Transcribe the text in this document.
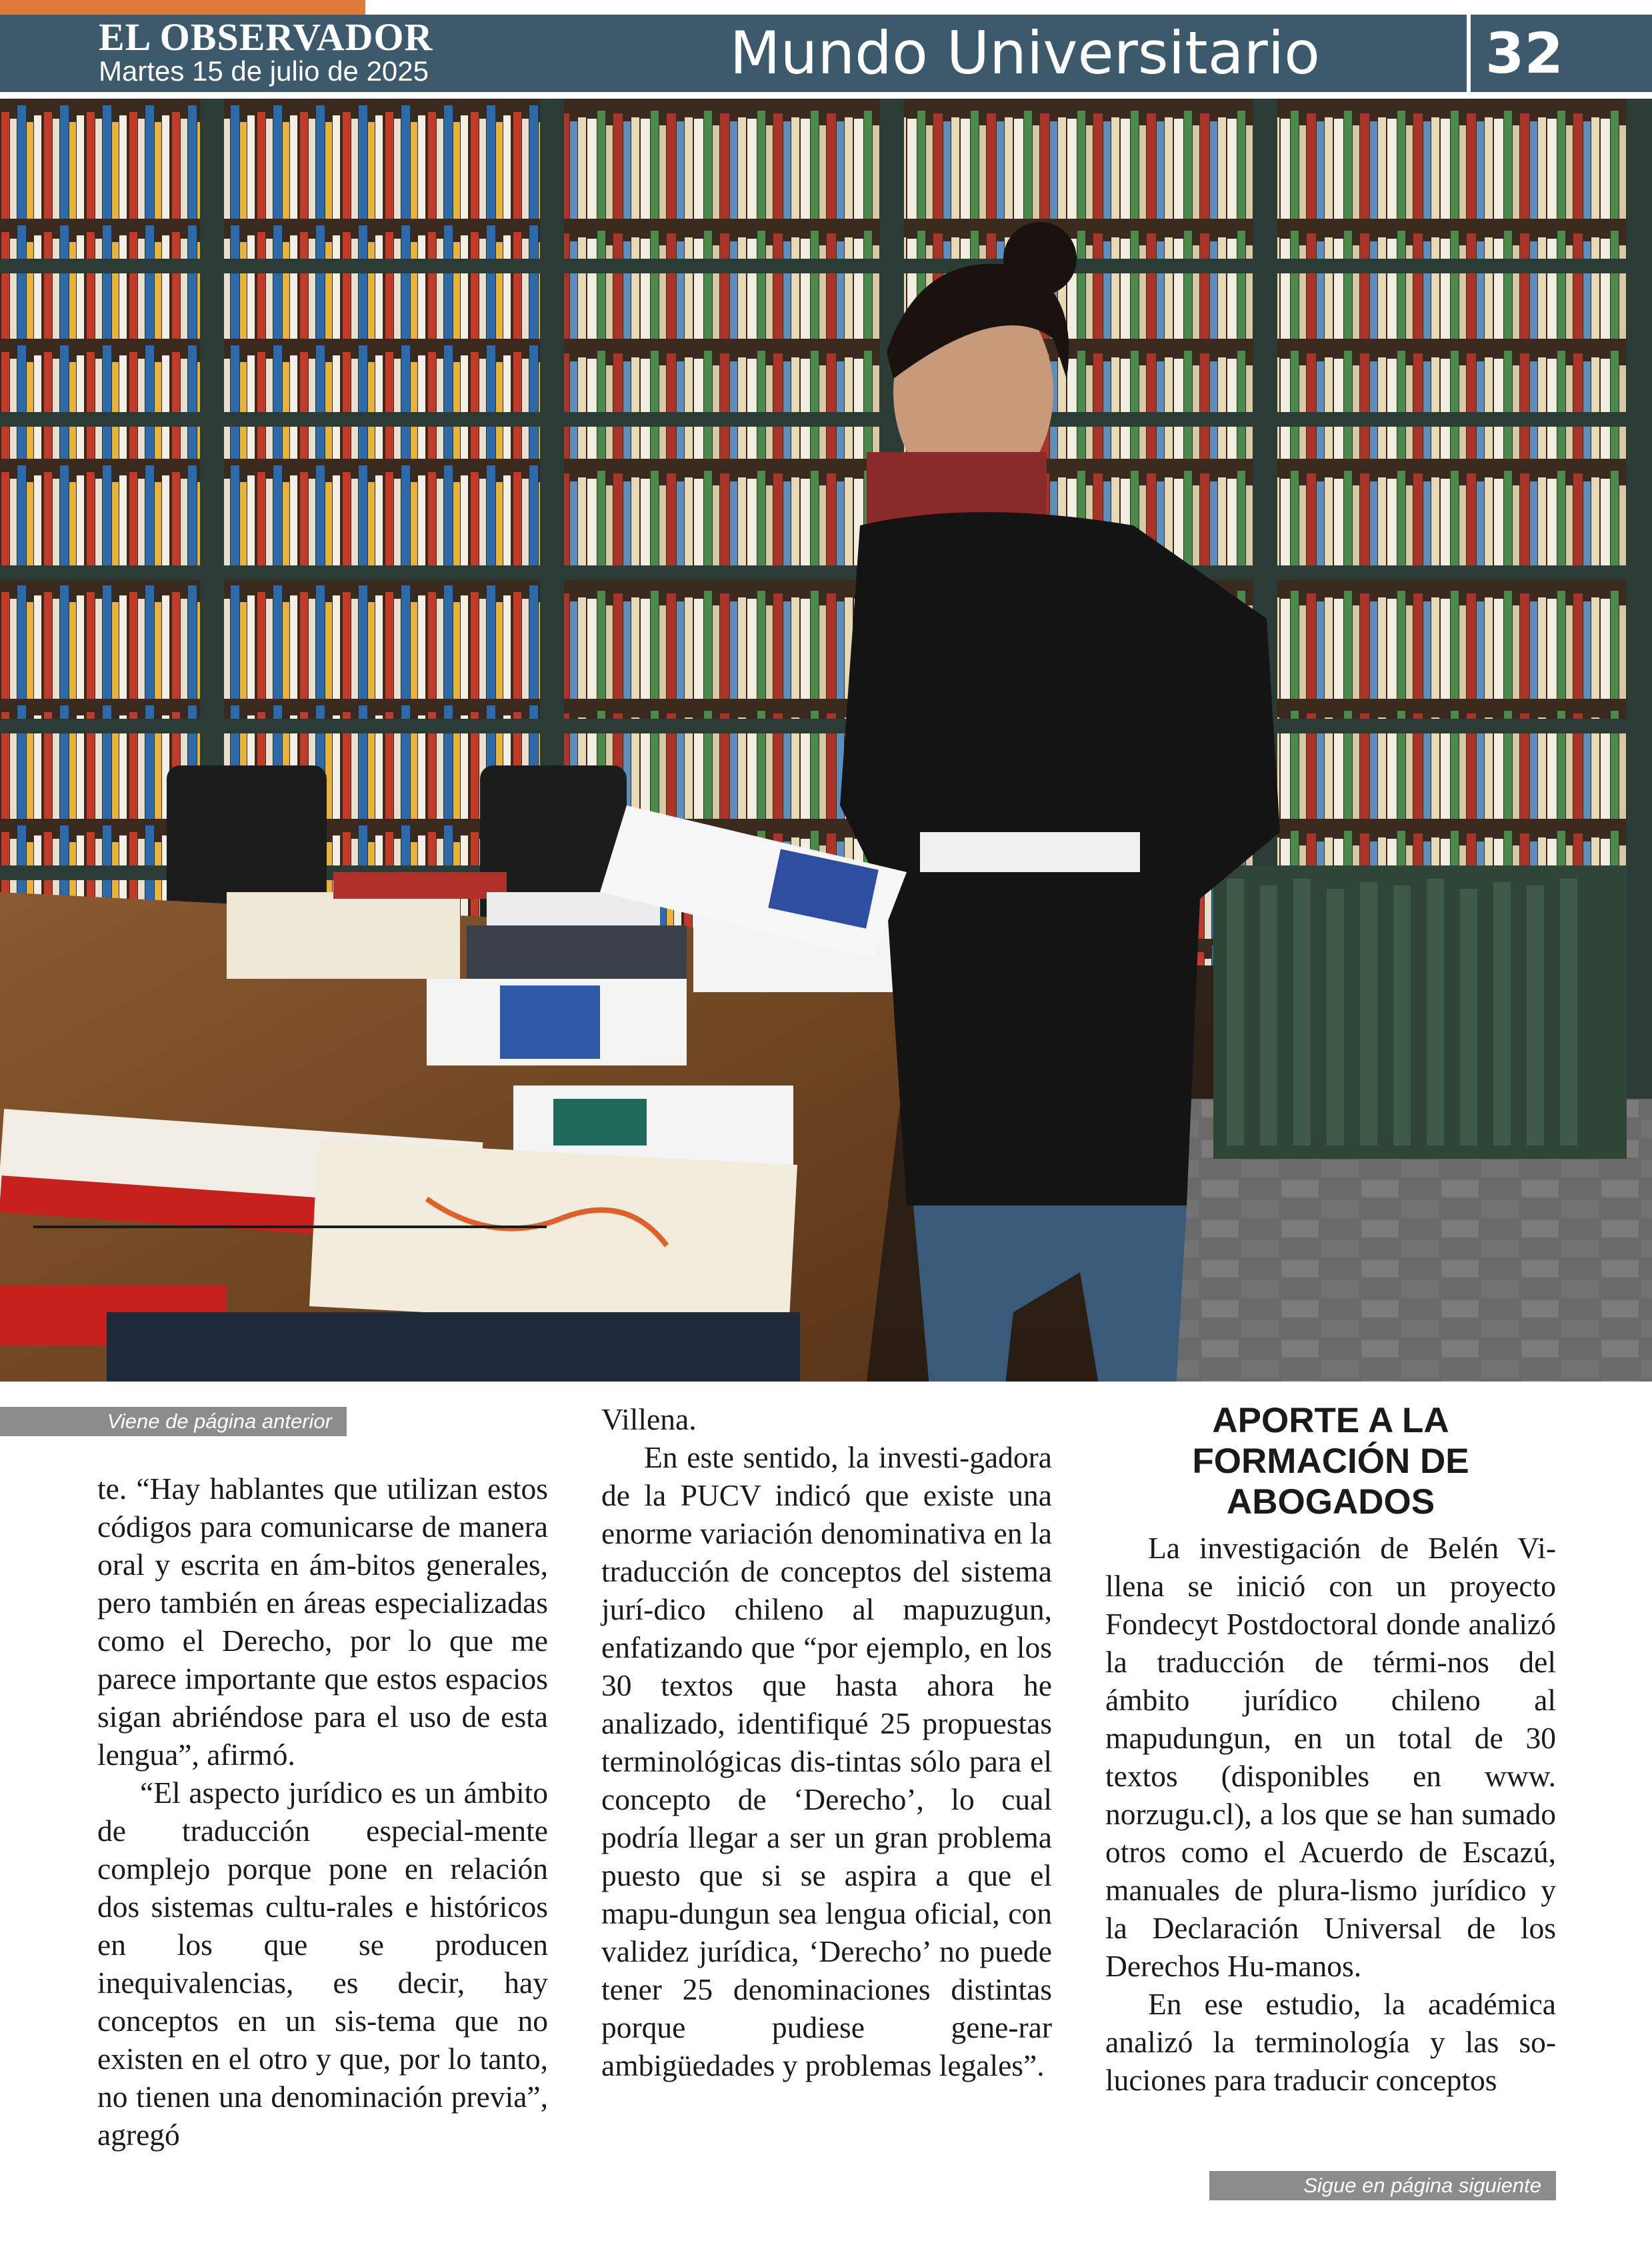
EL OBSERVADOR
Martes 15 de julio de 2025	Mundo Universitario	32
Viene de página anterior

te. “Hay hablantes que utilizan estos códigos para comunicarse de manera oral y escrita en ám-bitos generales, pero también en áreas especializadas como el Derecho, por lo que me parece importante que estos espacios sigan abriéndose para el uso de esta lengua”, afirmó.

“El aspecto jurídico es un ámbito de traducción especial-mente complejo porque pone en relación dos sistemas cultu-rales e históricos en los que se producen inequivalencias, es decir, hay conceptos en un sis-tema que no existen en el otro y que, por lo tanto, no tienen una denominación previa”, agregó

Villena.

En este sentido, la investi-gadora de la PUCV indicó que existe una enorme variación denominativa en la traducción de conceptos del sistema jurí-dico chileno al mapuzugun, enfatizando que “por ejemplo, en los 30 textos que hasta ahora he analizado, identifiqué 25 propuestas terminológicas dis-tintas sólo para el concepto de ‘Derecho’, lo cual podría llegar a ser un gran problema puesto que si se aspira a que el mapu-dungun sea lengua oficial, con validez jurídica, ‘Derecho’ no puede tener 25 denominaciones distintas porque pudiese gene-rar ambigüedades y problemas legales”.

APORTE A LA FORMACIÓN DE ABOGADOS

La investigación de Belén Vi-llena se inició con un proyecto Fondecyt Postdoctoral donde analizó la traducción de térmi-nos del ámbito jurídico chileno al mapudungun, en un total de 30 textos (disponibles en www. norzugu.cl), a los que se han sumado otros como el Acuerdo de Escazú, manuales de plura-lismo jurídico y la Declaración Universal de los Derechos Hu-manos.

En ese estudio, la académica analizó la terminología y las so-luciones para traducir conceptos

Sigue en página siguiente
